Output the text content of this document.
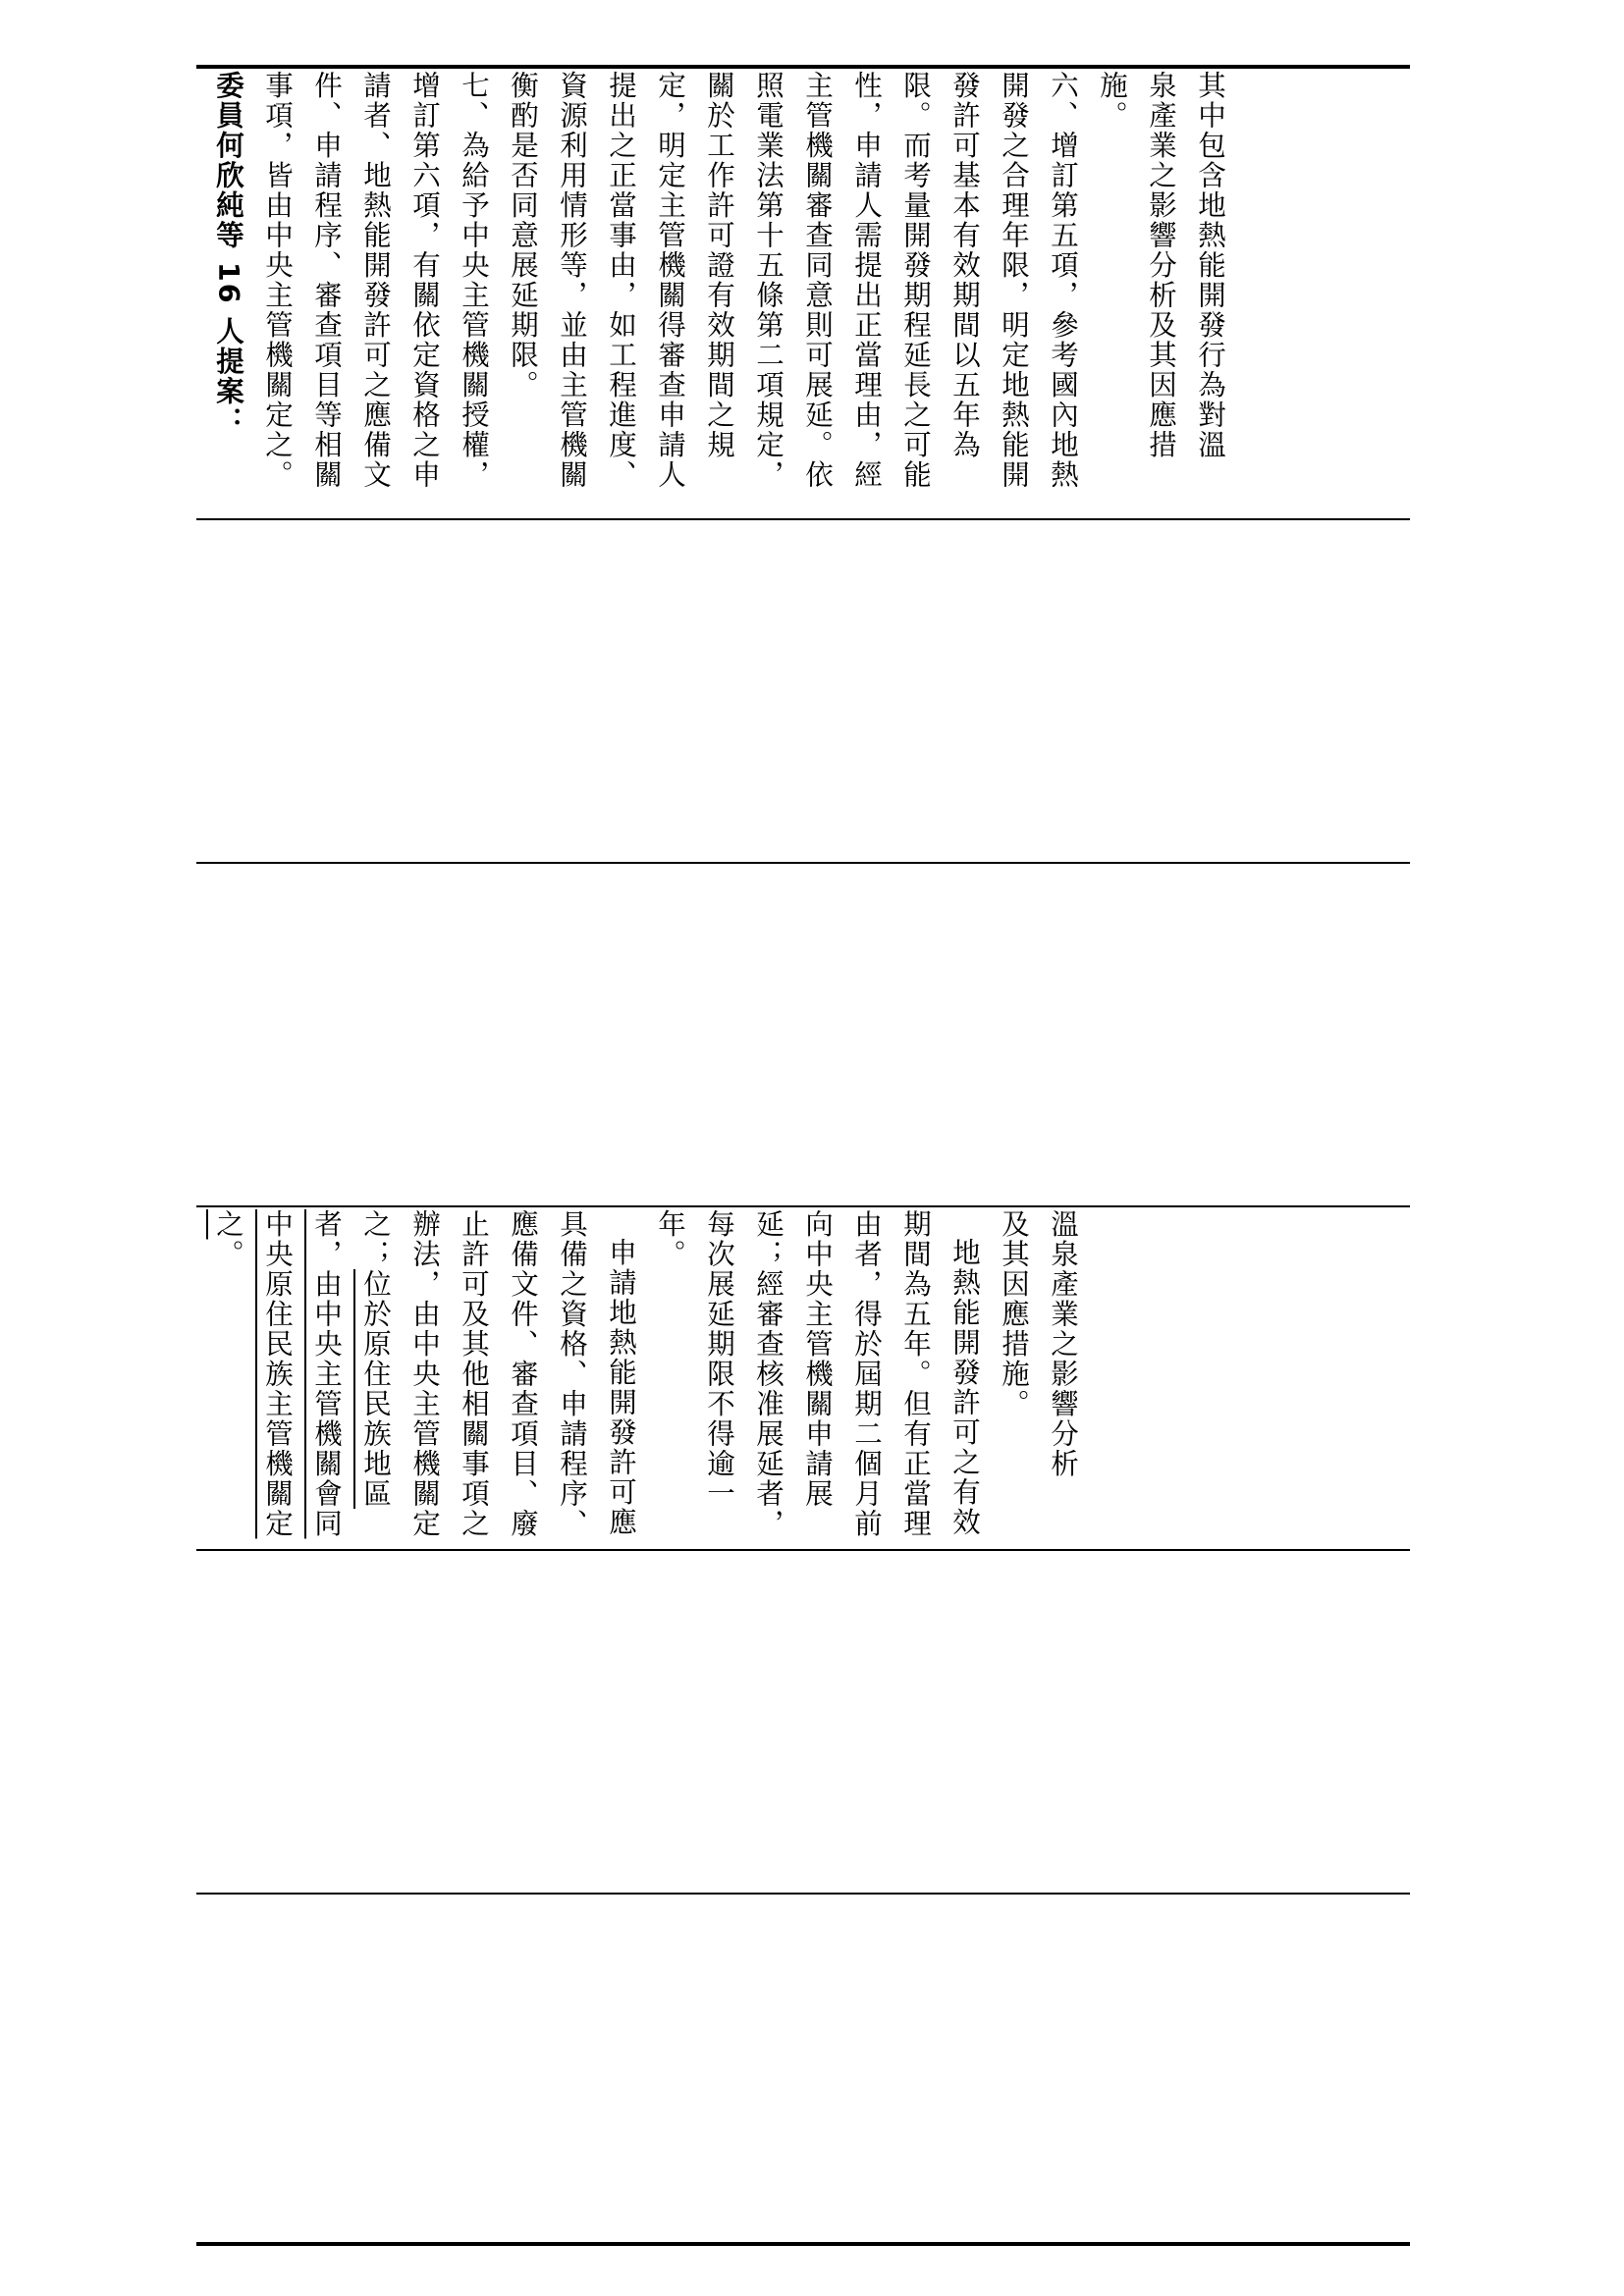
其中包含地熱能開發行為對溫
泉產業之影響分析及其因應措
施。
六、增訂第五項，參考國內地熱開發之合理年限，明定地熱能開發許可基本有效期間以五年為限。而考量開發期程延長之可能性，申請人需提出正當理由，經主管機關審查同意則可展延。依照電業法第十五條第二項規定，關於工作許可證有效期間之規定，明定主管機關得審查申請人提出之正當事由，如工程進度、資源利用情形等，並由主管機關衡酌是否同意展延期限。
七、為給予中央主管機關授權，增訂第六項，有關依定資格之申請者、地熱能開發許可之應備文件、申請程序、審查項目等相關事項，皆由中央主管機關定之。
委員何欣純等 16 人提案：
溫泉產業之影響分析
及其因應措施。
地熱能開發許可之有效期間為五年。但有正當理由者，得於屆期二個月前向中央主管機關申請展延；經審查核准展延者，每次展延期限不得逾一年。
申請地熱能開發許可應具備之資格、申請程序、應備文件、審查項目、廢止許可及其他相關事項之辦法，由中央主管機關定之；位於原住民族地區者，由中央主管機關會同中央原住民族主管機關定之。
